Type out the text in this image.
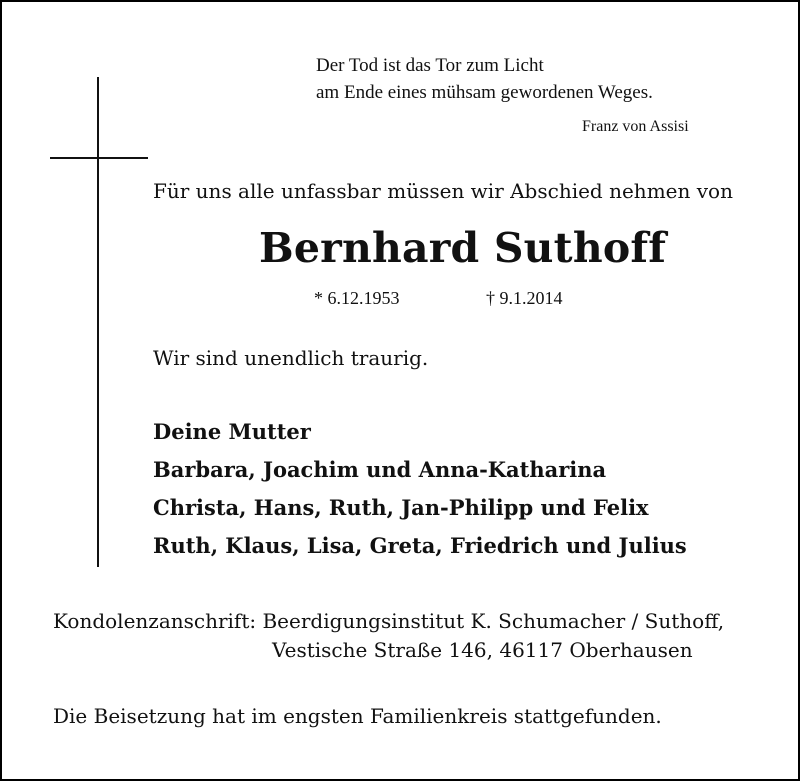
Der Tod ist das Tor zum Licht
am Ende eines mühsam gewordenen Weges.
Franz von Assisi
Für uns alle unfassbar müssen wir Abschied nehmen von
Bernhard Suthoff
* 6.12.1953	† 9.1.2014
Wir sind unendlich traurig.
Deine Mutter
Barbara, Joachim und Anna-Katharina
Christa, Hans, Ruth, Jan-Philipp und Felix
Ruth, Klaus, Lisa, Greta, Friedrich und Julius
Kondolenzanschrift: Beerdigungsinstitut K. Schumacher / Suthoff,
Vestische Straße 146, 46117 Oberhausen
Die Beisetzung hat im engsten Familienkreis stattgefunden.
